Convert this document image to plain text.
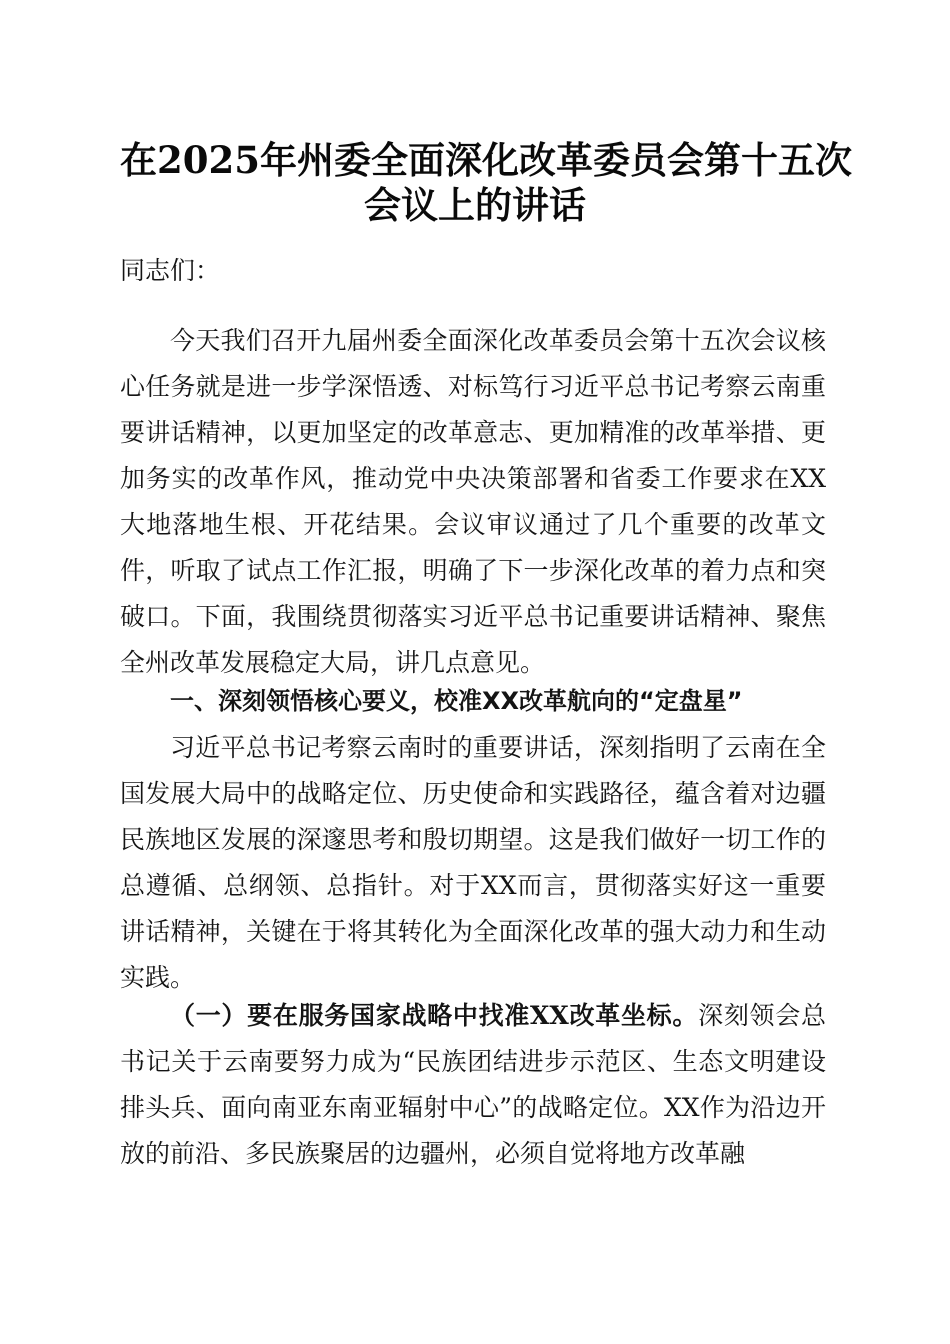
在2025年州委全面深化改革委员会第十五次
会议上的讲话

同志们：

今天我们召开九届州委全面深化改革委员会第十五次会议核心任务就是进一步学深悟透、对标笃行习近平总书记考察云南重要讲话精神，以更加坚定的改革意志、更加精准的改革举措、更加务实的改革作风，推动党中央决策部署和省委工作要求在XX大地落地生根、开花结果。会议审议通过了几个重要的改革文件，听取了试点工作汇报，明确了下一步深化改革的着力点和突破口。下面，我围绕贯彻落实习近平总书记重要讲话精神、聚焦全州改革发展稳定大局，讲几点意见。

一、深刻领悟核心要义，校准XX改革航向的“定盘星”

习近平总书记考察云南时的重要讲话，深刻指明了云南在全国发展大局中的战略定位、历史使命和实践路径，蕴含着对边疆民族地区发展的深邃思考和殷切期望。这是我们做好一切工作的总遵循、总纲领、总指针。对于XX而言，贯彻落实好这一重要讲话精神，关键在于将其转化为全面深化改革的强大动力和生动实践。

（一）要在服务国家战略中找准XX改革坐标。深刻领会总书记关于云南要努力成为“民族团结进步示范区、生态文明建设排头兵、面向南亚东南亚辐射中心”的战略定位。XX作为沿边开放的前沿、多民族聚居的边疆州，必须自觉将地方改革融
